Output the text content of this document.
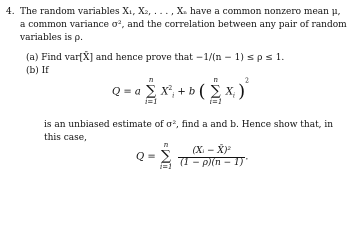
4. The random variables X₁, X₂, . . . , Xₙ have a common nonzero mean μ,
a common variance σ², and the correlation between any pair of random
variables is ρ.
(a) Find var[X̄] and hence prove that −1/(n − 1) ≤ ρ ≤ 1.
(b) If
Q = a
n
∑
i=1
$X^2_i + b$ (
n
∑
i=1
$X_i$ )$^2$
is an unbiased estimate of σ², find a and b. Hence show that, in
this case,
Q =
n
∑
i=1
$\frac{\text{(Xᵢ − X̄)²}}{(1 - \rho)(n - 1)}$ .
